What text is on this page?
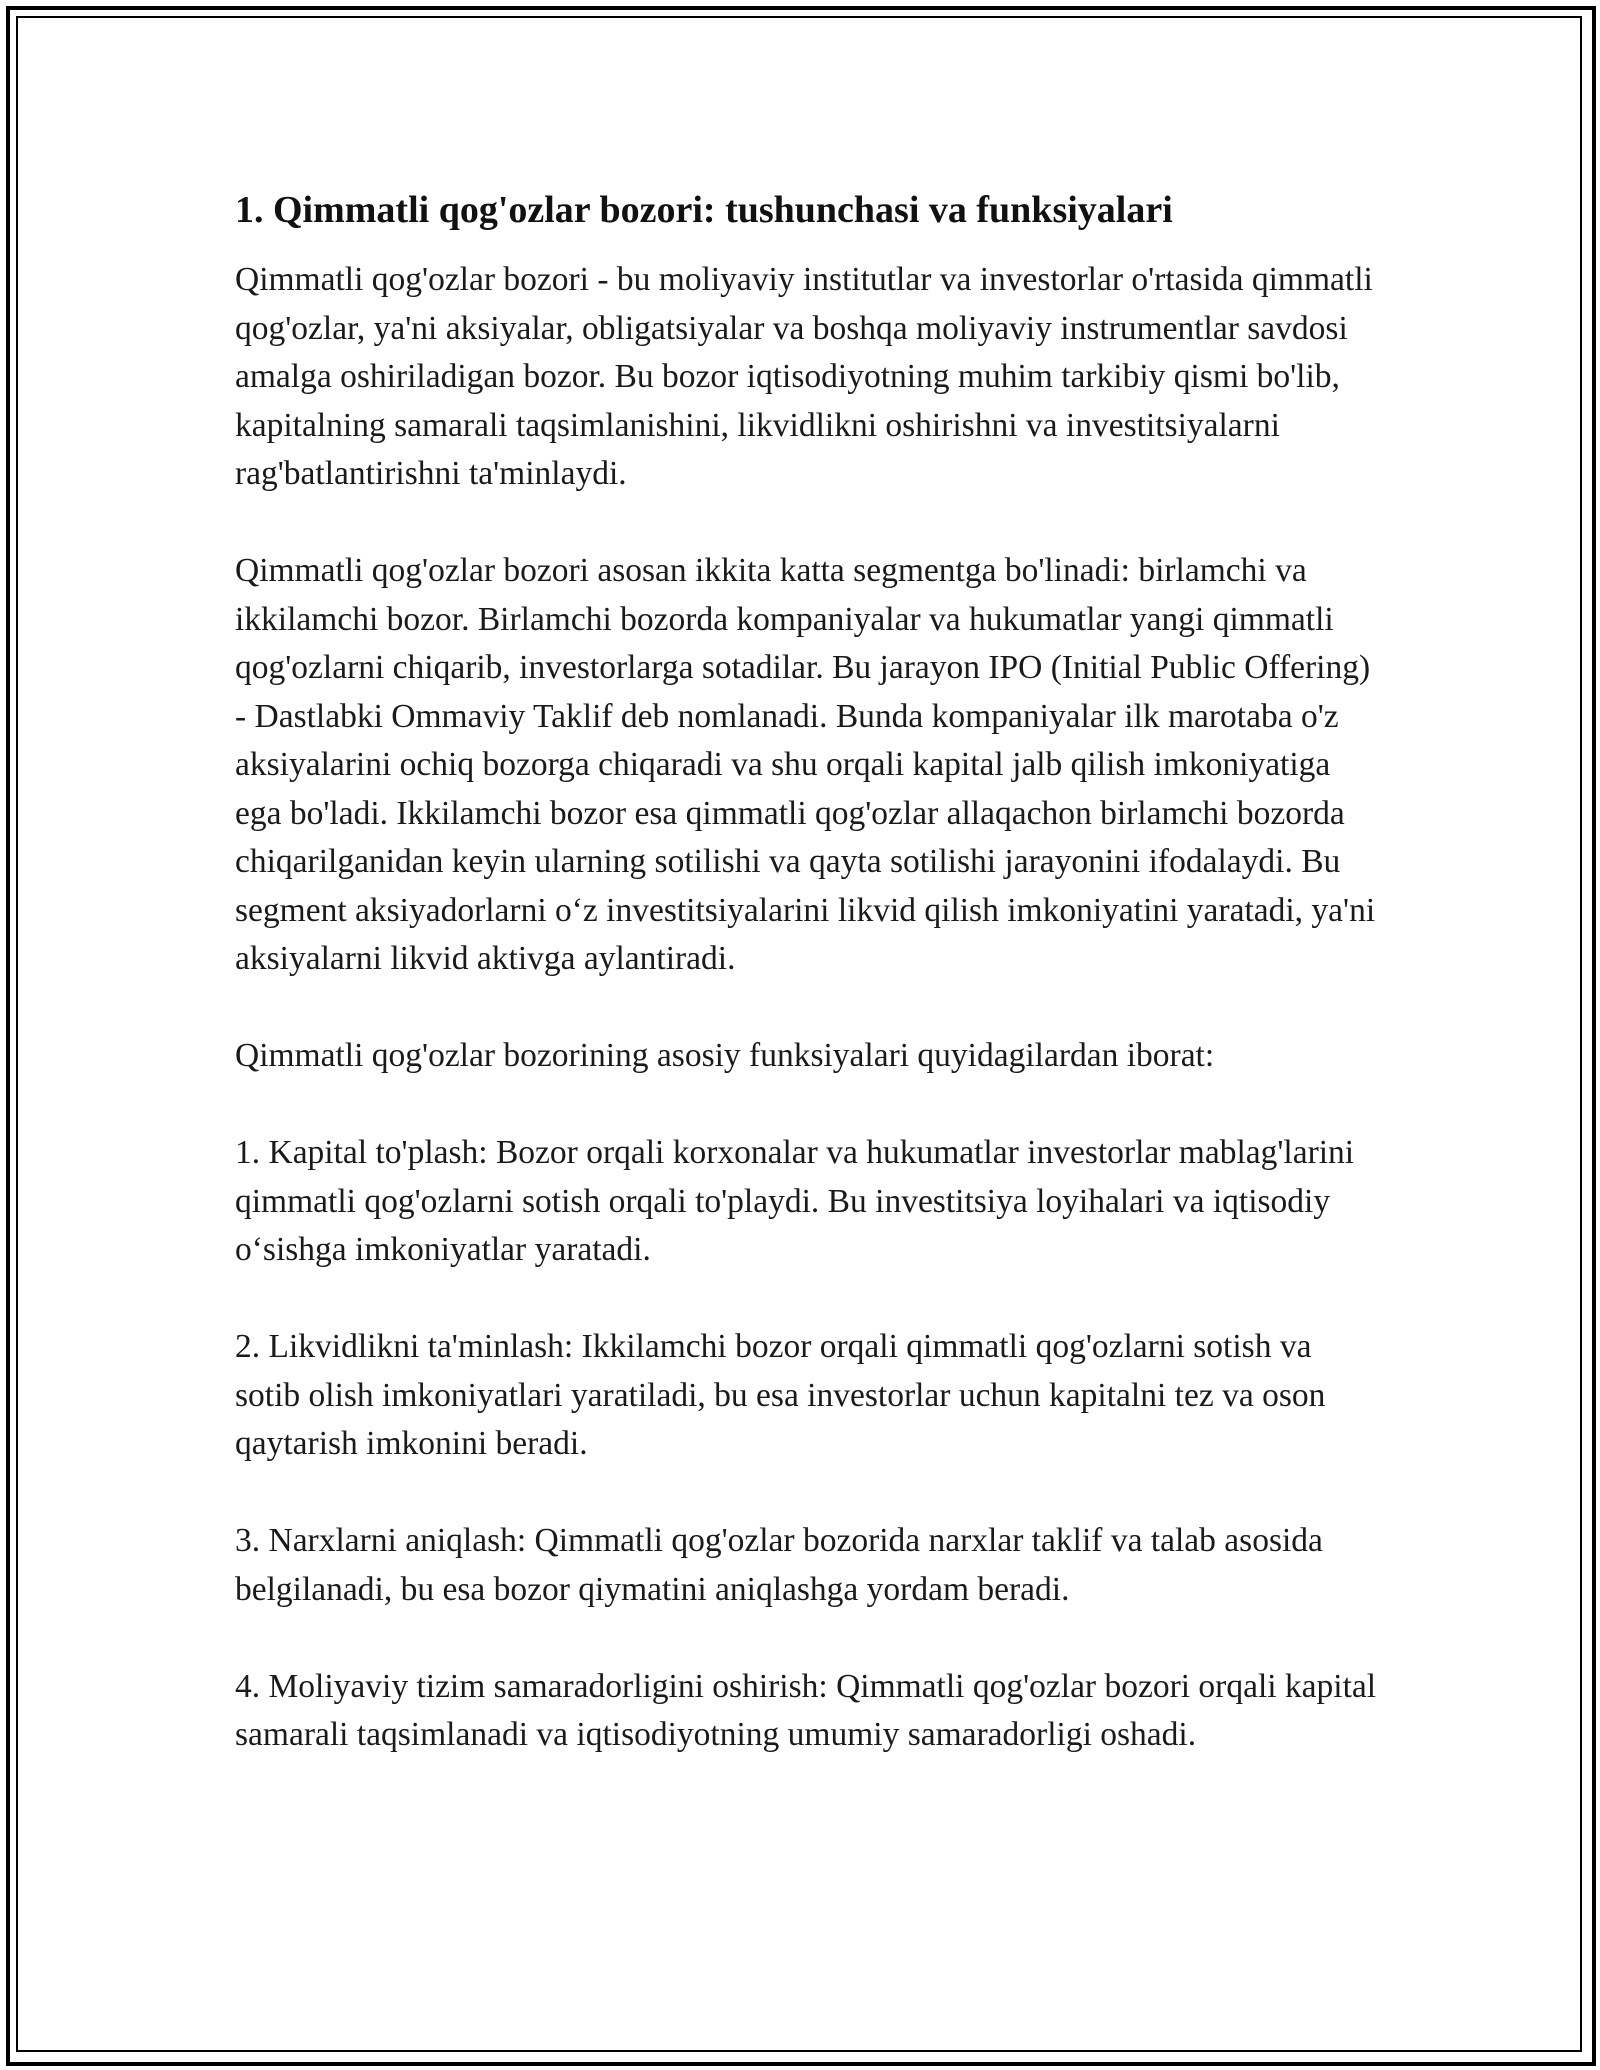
1. Qimmatli qog'ozlar bozori: tushunchasi va funksiyalari

Qimmatli qog'ozlar bozori - bu moliyaviy institutlar va investorlar o'rtasida qimmatli qog'ozlar, ya'ni aksiyalar, obligatsiyalar va boshqa moliyaviy instrumentlar savdosi amalga oshiriladigan bozor. Bu bozor iqtisodiyotning muhim tarkibiy qismi bo'lib, kapitalning samarali taqsimlanishini, likvidlikni oshirishni va investitsiyalarni rag'batlantirishni ta'minlaydi.

Qimmatli qog'ozlar bozori asosan ikkita katta segmentga bo'linadi: birlamchi va ikkilamchi bozor. Birlamchi bozorda kompaniyalar va hukumatlar yangi qimmatli qog'ozlarni chiqarib, investorlarga sotadilar. Bu jarayon IPO (Initial Public Offering) - Dastlabki Ommaviy Taklif deb nomlanadi. Bunda kompaniyalar ilk marotaba o'z aksiyalarini ochiq bozorga chiqaradi va shu orqali kapital jalb qilish imkoniyatiga ega bo'ladi. Ikkilamchi bozor esa qimmatli qog'ozlar allaqachon birlamchi bozorda chiqarilganidan keyin ularning sotilishi va qayta sotilishi jarayonini ifodalaydi. Bu segment aksiyadorlarni o‘z investitsiyalarini likvid qilish imkoniyatini yaratadi, ya'ni aksiyalarni likvid aktivga aylantiradi.

Qimmatli qog'ozlar bozorining asosiy funksiyalari quyidagilardan iborat:

1. Kapital to'plash: Bozor orqali korxonalar va hukumatlar investorlar mablag'larini qimmatli qog'ozlarni sotish orqali to'playdi. Bu investitsiya loyihalari va iqtisodiy o‘sishga imkoniyatlar yaratadi.

2. Likvidlikni ta'minlash: Ikkilamchi bozor orqali qimmatli qog'ozlarni sotish va sotib olish imkoniyatlari yaratiladi, bu esa investorlar uchun kapitalni tez va oson qaytarish imkonini beradi.

3. Narxlarni aniqlash: Qimmatli qog'ozlar bozorida narxlar taklif va talab asosida belgilanadi, bu esa bozor qiymatini aniqlashga yordam beradi.

4. Moliyaviy tizim samaradorligini oshirish: Qimmatli qog'ozlar bozori orqali kapital samarali taqsimlanadi va iqtisodiyotning umumiy samaradorligi oshadi.
